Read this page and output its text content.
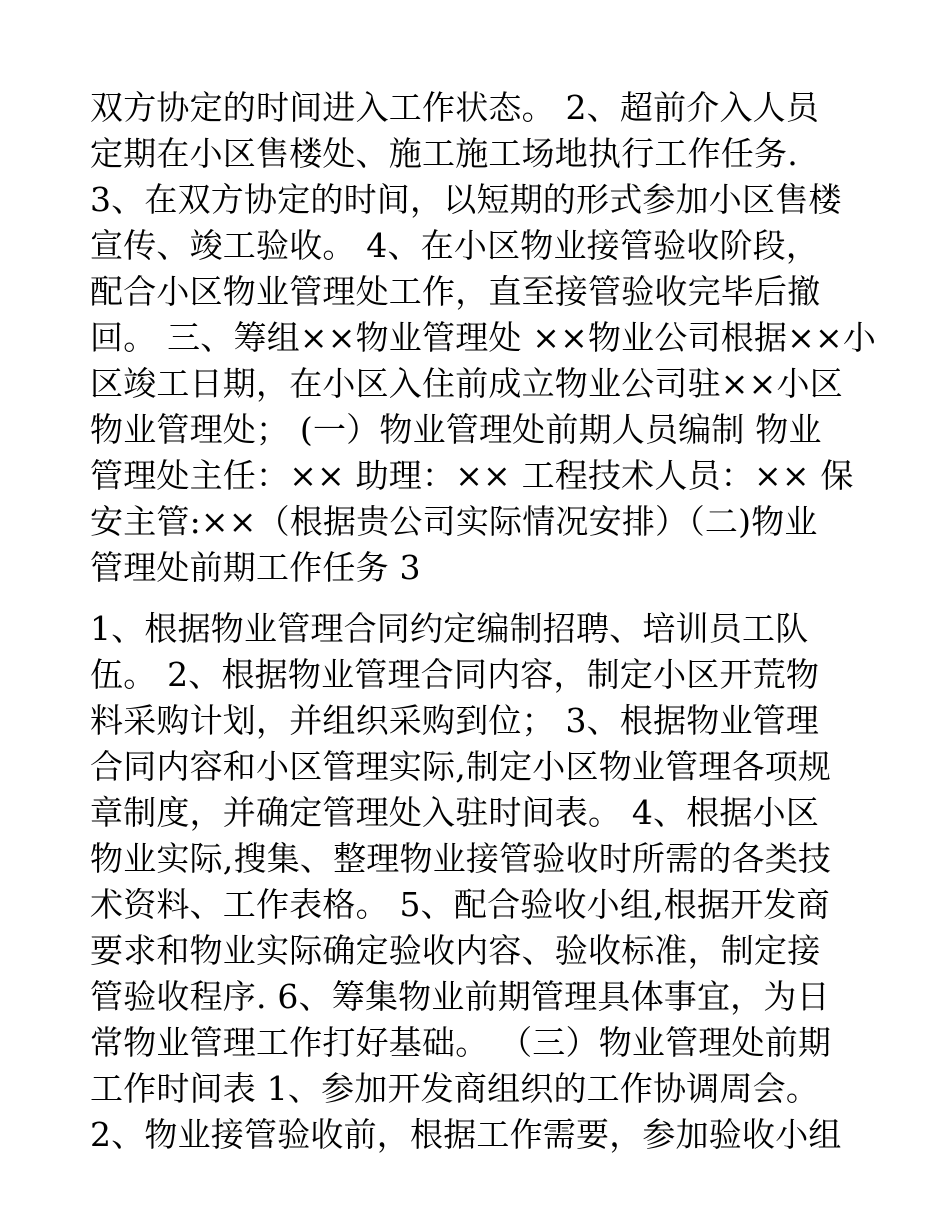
双方协定的时间进入工作状态。 2、超前介入人员
定期在小区售楼处、施工施工场地执行工作任务.
3、在双方协定的时间，以短期的形式参加小区售楼
宣传、竣工验收。 4、在小区物业接管验收阶段，
配合小区物业管理处工作，直至接管验收完毕后撤
回。 三、筹组××物业管理处 ××物业公司根据××小
区竣工日期，在小区入住前成立物业公司驻××小区
物业管理处； (一）物业管理处前期人员编制 物业
管理处主任：×× 助理：×× 工程技术人员：×× 保
安主管:××（根据贵公司实际情况安排）（二)物业
管理处前期工作任务 3
1、根据物业管理合同约定编制招聘、培训员工队
伍。 2、根据物业管理合同内容，制定小区开荒物
料采购计划，并组织采购到位； 3、根据物业管理
合同内容和小区管理实际,制定小区物业管理各项规
章制度，并确定管理处入驻时间表。 4、根据小区
物业实际,搜集、整理物业接管验收时所需的各类技
术资料、工作表格。 5、配合验收小组,根据开发商
要求和物业实际确定验收内容、验收标准，制定接
管验收程序. 6、筹集物业前期管理具体事宜，为日
常物业管理工作打好基础。 （三）物业管理处前期
工作时间表 1、参加开发商组织的工作协调周会。
2、物业接管验收前，根据工作需要，参加验收小组
